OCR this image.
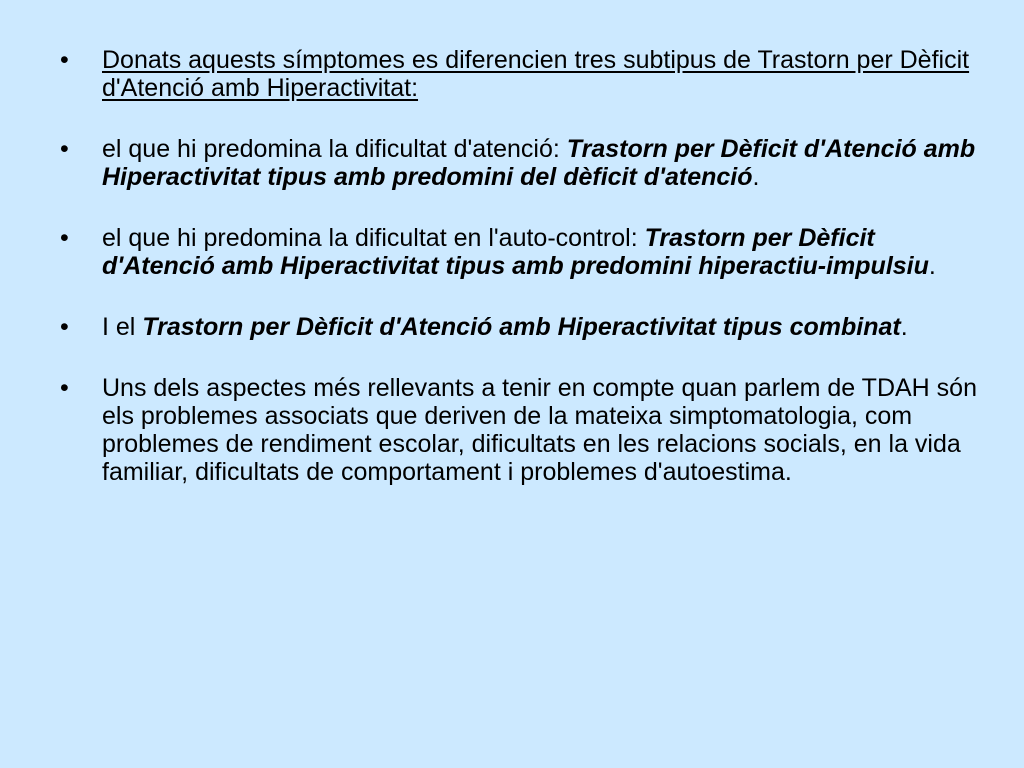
•	Donats aquests símptomes es diferencien tres subtipus de Trastorn per Dèficit d'Atenció amb Hiperactivitat:
•	el que hi predomina la dificultat d'atenció: Trastorn per Dèficit d'Atenció amb Hiperactivitat tipus amb predomini del dèficit d'atenció.
•	el que hi predomina la dificultat en l'auto-control: Trastorn per Dèficit d'Atenció amb Hiperactivitat tipus amb predomini hiperactiu-impulsiu.
•	I el Trastorn per Dèficit d'Atenció amb Hiperactivitat tipus combinat.
•	Uns dels aspectes més rellevants a tenir en compte quan parlem de TDAH són els problemes associats que deriven de la mateixa simptomatologia, com problemes de rendiment escolar, dificultats en les relacions socials, en la vida familiar, dificultats de comportament i problemes d'autoestima.
